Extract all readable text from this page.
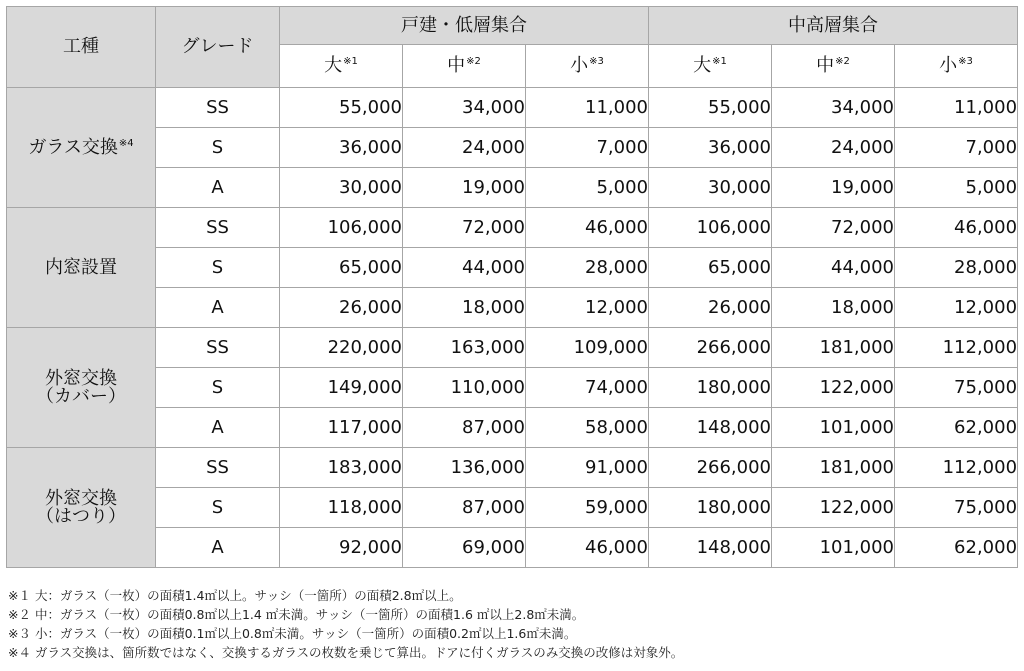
工種	グレード	戸建・低層集合			中高層集合		
		大$^{※1}$	中$^{※2}$	小$^{※3}$	大$^{※1}$	中$^{※2}$	小$^{※3}$
ガラス交換$^{※4}$	SS	55,000	34,000	11,000	55,000	34,000	11,000
	S	36,000	24,000	7,000	36,000	24,000	7,000
	A	30,000	19,000	5,000	30,000	19,000	5,000
内窓設置	SS	106,000	72,000	46,000	106,000	72,000	46,000
	S	65,000	44,000	28,000	65,000	44,000	28,000
	A	26,000	18,000	12,000	26,000	18,000	12,000
外窓交換
（カバー）	SS	220,000	163,000	109,000	266,000	181,000	112,000
	S	149,000	110,000	74,000	180,000	122,000	75,000
	A	117,000	87,000	58,000	148,000	101,000	62,000
外窓交換
（はつり）	SS	183,000	136,000	91,000	266,000	181,000	112,000
	S	118,000	87,000	59,000	180,000	122,000	75,000
	A	92,000	69,000	46,000	148,000	101,000	62,000
※１ 大：ガラス（一枚）の面積1.4㎡以上。サッシ（一箇所）の面積2.8㎡以上。
※２ 中：ガラス（一枚）の面積0.8㎡以上1.4 ㎡未満。サッシ（一箇所）の面積1.6 ㎡以上2.8㎡未満。
※３ 小：ガラス（一枚）の面積0.1㎡以上0.8㎡未満。サッシ（一箇所）の面積0.2㎡以上1.6㎡未満。
※４ ガラス交換は、箇所数ではなく、交換するガラスの枚数を乗じて算出。ドアに付くガラスのみ交換の改修は対象外。
